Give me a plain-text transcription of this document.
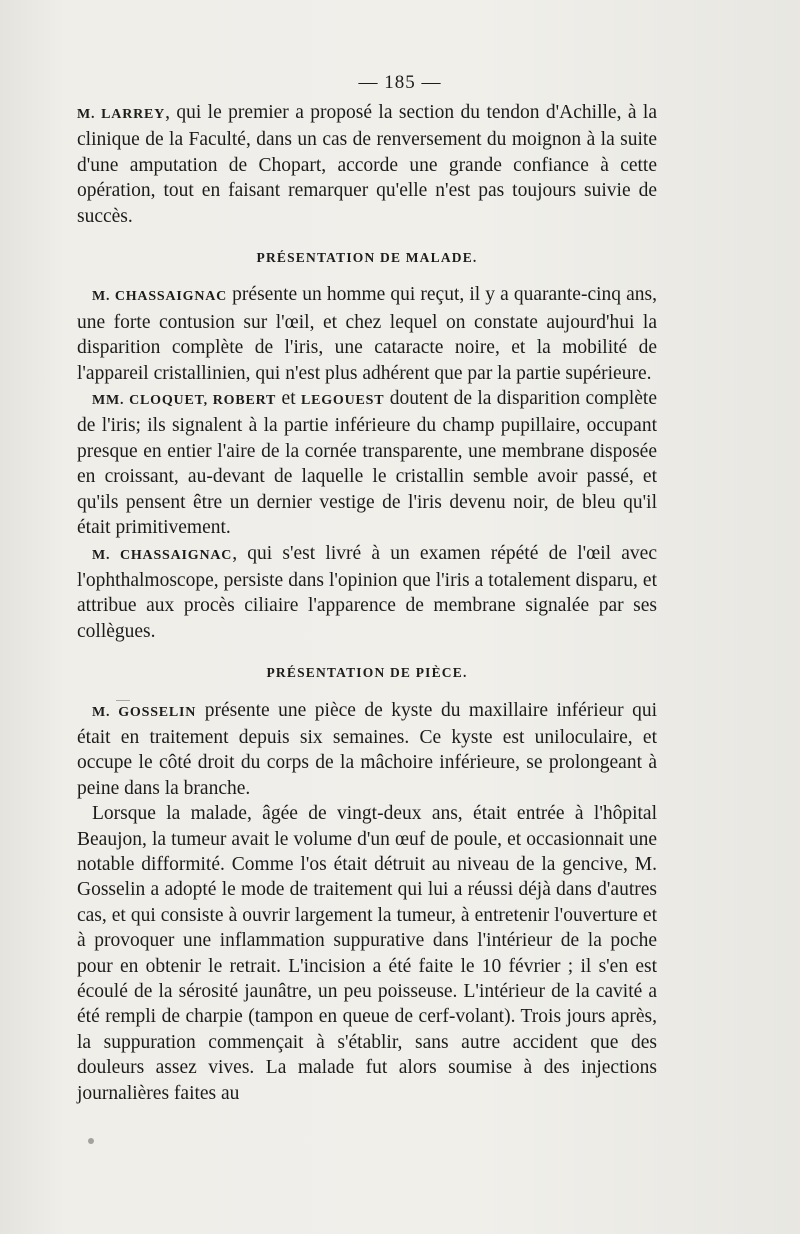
— 185 —

M. LARREY, qui le premier a proposé la section du tendon d'Achille, à la clinique de la Faculté, dans un cas de renversement du moignon à la suite d'une amputation de Chopart, accorde une grande confiance à cette opération, tout en faisant remarquer qu'elle n'est pas toujours suivie de succès.

PRÉSENTATION DE MALADE.

M. CHASSAIGNAC présente un homme qui reçut, il y a quarante-cinq ans, une forte contusion sur l'œil, et chez lequel on constate aujourd'hui la disparition complète de l'iris, une cataracte noire, et la mobilité de l'appareil cristallinien, qui n'est plus adhérent que par la partie supérieure.

MM. CLOQUET, ROBERT et LEGOUEST doutent de la disparition complète de l'iris; ils signalent à la partie inférieure du champ pupillaire, occupant presque en entier l'aire de la cornée transparente, une membrane disposée en croissant, au-devant de laquelle le cristallin semble avoir passé, et qu'ils pensent être un dernier vestige de l'iris devenu noir, de bleu qu'il était primitivement.

M. CHASSAIGNAC, qui s'est livré à un examen répété de l'œil avec l'ophthalmoscope, persiste dans l'opinion que l'iris a totalement disparu, et attribue aux procès ciliaire l'apparence de membrane signalée par ses collègues.

PRÉSENTATION DE PIÈCE.

M. GOSSELIN présente une pièce de kyste du maxillaire inférieur qui était en traitement depuis six semaines. Ce kyste est uniloculaire, et occupe le côté droit du corps de la mâchoire inférieure, se prolongeant à peine dans la branche.

Lorsque la malade, âgée de vingt-deux ans, était entrée à l'hôpital Beaujon, la tumeur avait le volume d'un œuf de poule, et occasionnait une notable difformité. Comme l'os était détruit au niveau de la gencive, M. Gosselin a adopté le mode de traitement qui lui a réussi déjà dans d'autres cas, et qui consiste à ouvrir largement la tumeur, à entretenir l'ouverture et à provoquer une inflammation suppurative dans l'intérieur de la poche pour en obtenir le retrait. L'incision a été faite le 10 février ; il s'en est écoulé de la sérosité jaunâtre, un peu poisseuse. L'intérieur de la cavité a été rempli de charpie (tampon en queue de cerf-volant). Trois jours après, la suppuration commençait à s'établir, sans autre accident que des douleurs assez vives. La malade fut alors soumise à des injections journalières faites au
